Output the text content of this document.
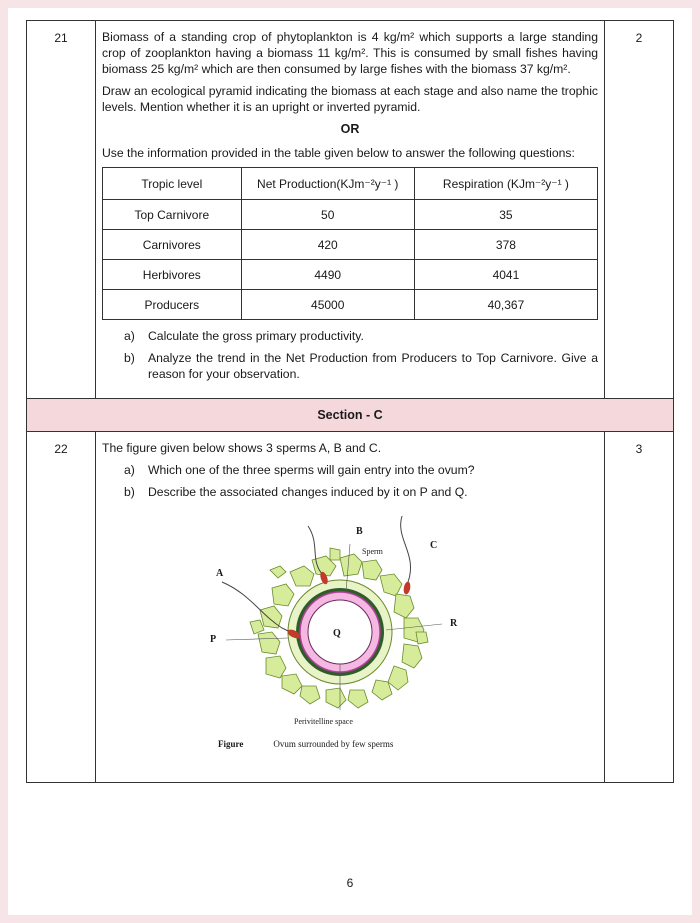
21	Biomass of a standing crop of phytoplankton is 4 kg/m² which supports a large standing crop of zooplankton having a biomass 11 kg/m². This is consumed by small fishes having biomass 25 kg/m² which are then consumed by large fishes with the biomass 37 kg/m².

Draw an ecological pyramid indicating the biomass at each stage and also name the trophic levels. Mention whether it is an upright or inverted pyramid.

OR

Use the information provided in the table given below to answer the following questions:

Tropic level	Net Production(KJm⁻²y⁻¹ )	Respiration (KJm⁻²y⁻¹ )
Top Carnivore	50	35
Carnivores	420	378
Herbivores	4490	4041
Producers	45000	40,367
a)	Calculate the gross primary productivity.
b)	Analyze the trend in the Net Production from Producers to Top Carnivore. Give a reason for your observation.
	2
Section - C
22	The figure given below shows 3 sperms A, B and C.

a)	Which one of the three sperms will gain entry into the ovum?
b)	Describe the associated changes induced by it on P and Q.
A
B
C
P
Q
R
Sperm
Perivitelline space
Figure	Ovum surrounded by few sperms
	3
6
